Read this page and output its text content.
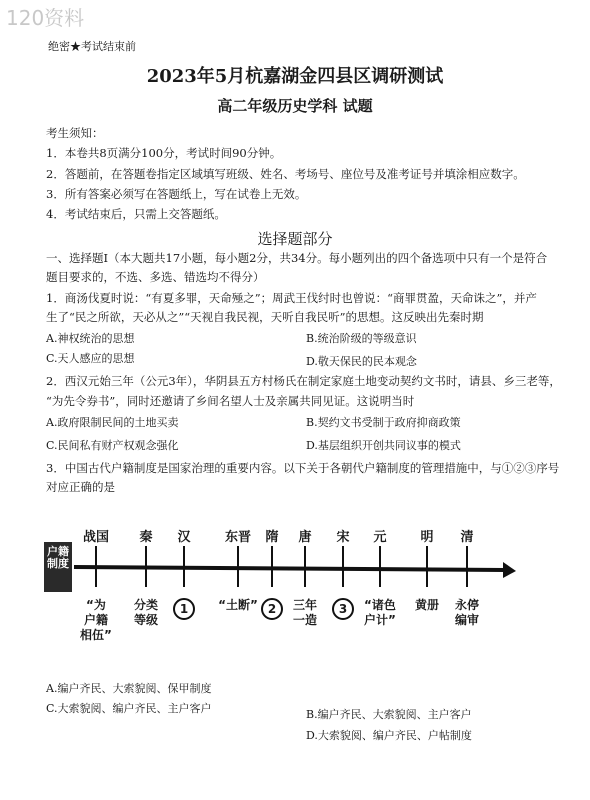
120资料
绝密★考试结束前
2023年5月杭嘉湖金四县区调研测试
高二年级历史学科 试题
考生须知：
1．本卷共8页满分100分，考试时间90分钟。
2．答题前，在答题卷指定区域填写班级、姓名、考场号、座位号及准考证号并填涂相应数字。
3．所有答案必须写在答题纸上，写在试卷上无效。
4．考试结束后，只需上交答题纸。
选择题部分
一、选择题Ⅰ（本大题共17小题，每小题2分，共34分。每小题列出的四个备选项中只有一个是符合
题目要求的，不选、多选、错选均不得分）
1．商汤伐夏时说：“有夏多罪，天命殛之”；周武王伐纣时也曾说：“商罪贯盈，天命诛之”，并产
生了“民之所欲，天必从之”“天视自我民视，天听自我民听”的思想。这反映出先秦时期
A.神权统治的思想	B.统治阶级的等级意识
C.天人感应的思想	D.敬天保民的民本观念
2．西汉元始三年（公元3年），华阴县五方村杨氏在制定家庭土地变动契约文书时，请县、乡三老等，
“为先令券书”，同时还邀请了乡间名望人士及亲属共同见证。这说明当时
A.政府限制民间的土地买卖	B.契约文书受制于政府抑商政策
C.民间私有财产权观念强化	D.基层组织开创共同议事的模式
3．中国古代户籍制度是国家治理的重要内容。以下关于各朝代户籍制度的管理措施中，与①②③序号
对应正确的是
户籍制度
战国 秦 汉	东晋 隋 唐 宋 元	明 清
“为
户籍
相伍”
分类
等级
1	“土断” 2	三年
一造
3	“诸色
户计”
黄册 永停
编审
A.编户齐民、大索貌阅、保甲制度
C.大索貌阅、编户齐民、主户客户	B.编户齐民、大索貌阅、主户客户
D.大索貌阅、编户齐民、户帖制度
